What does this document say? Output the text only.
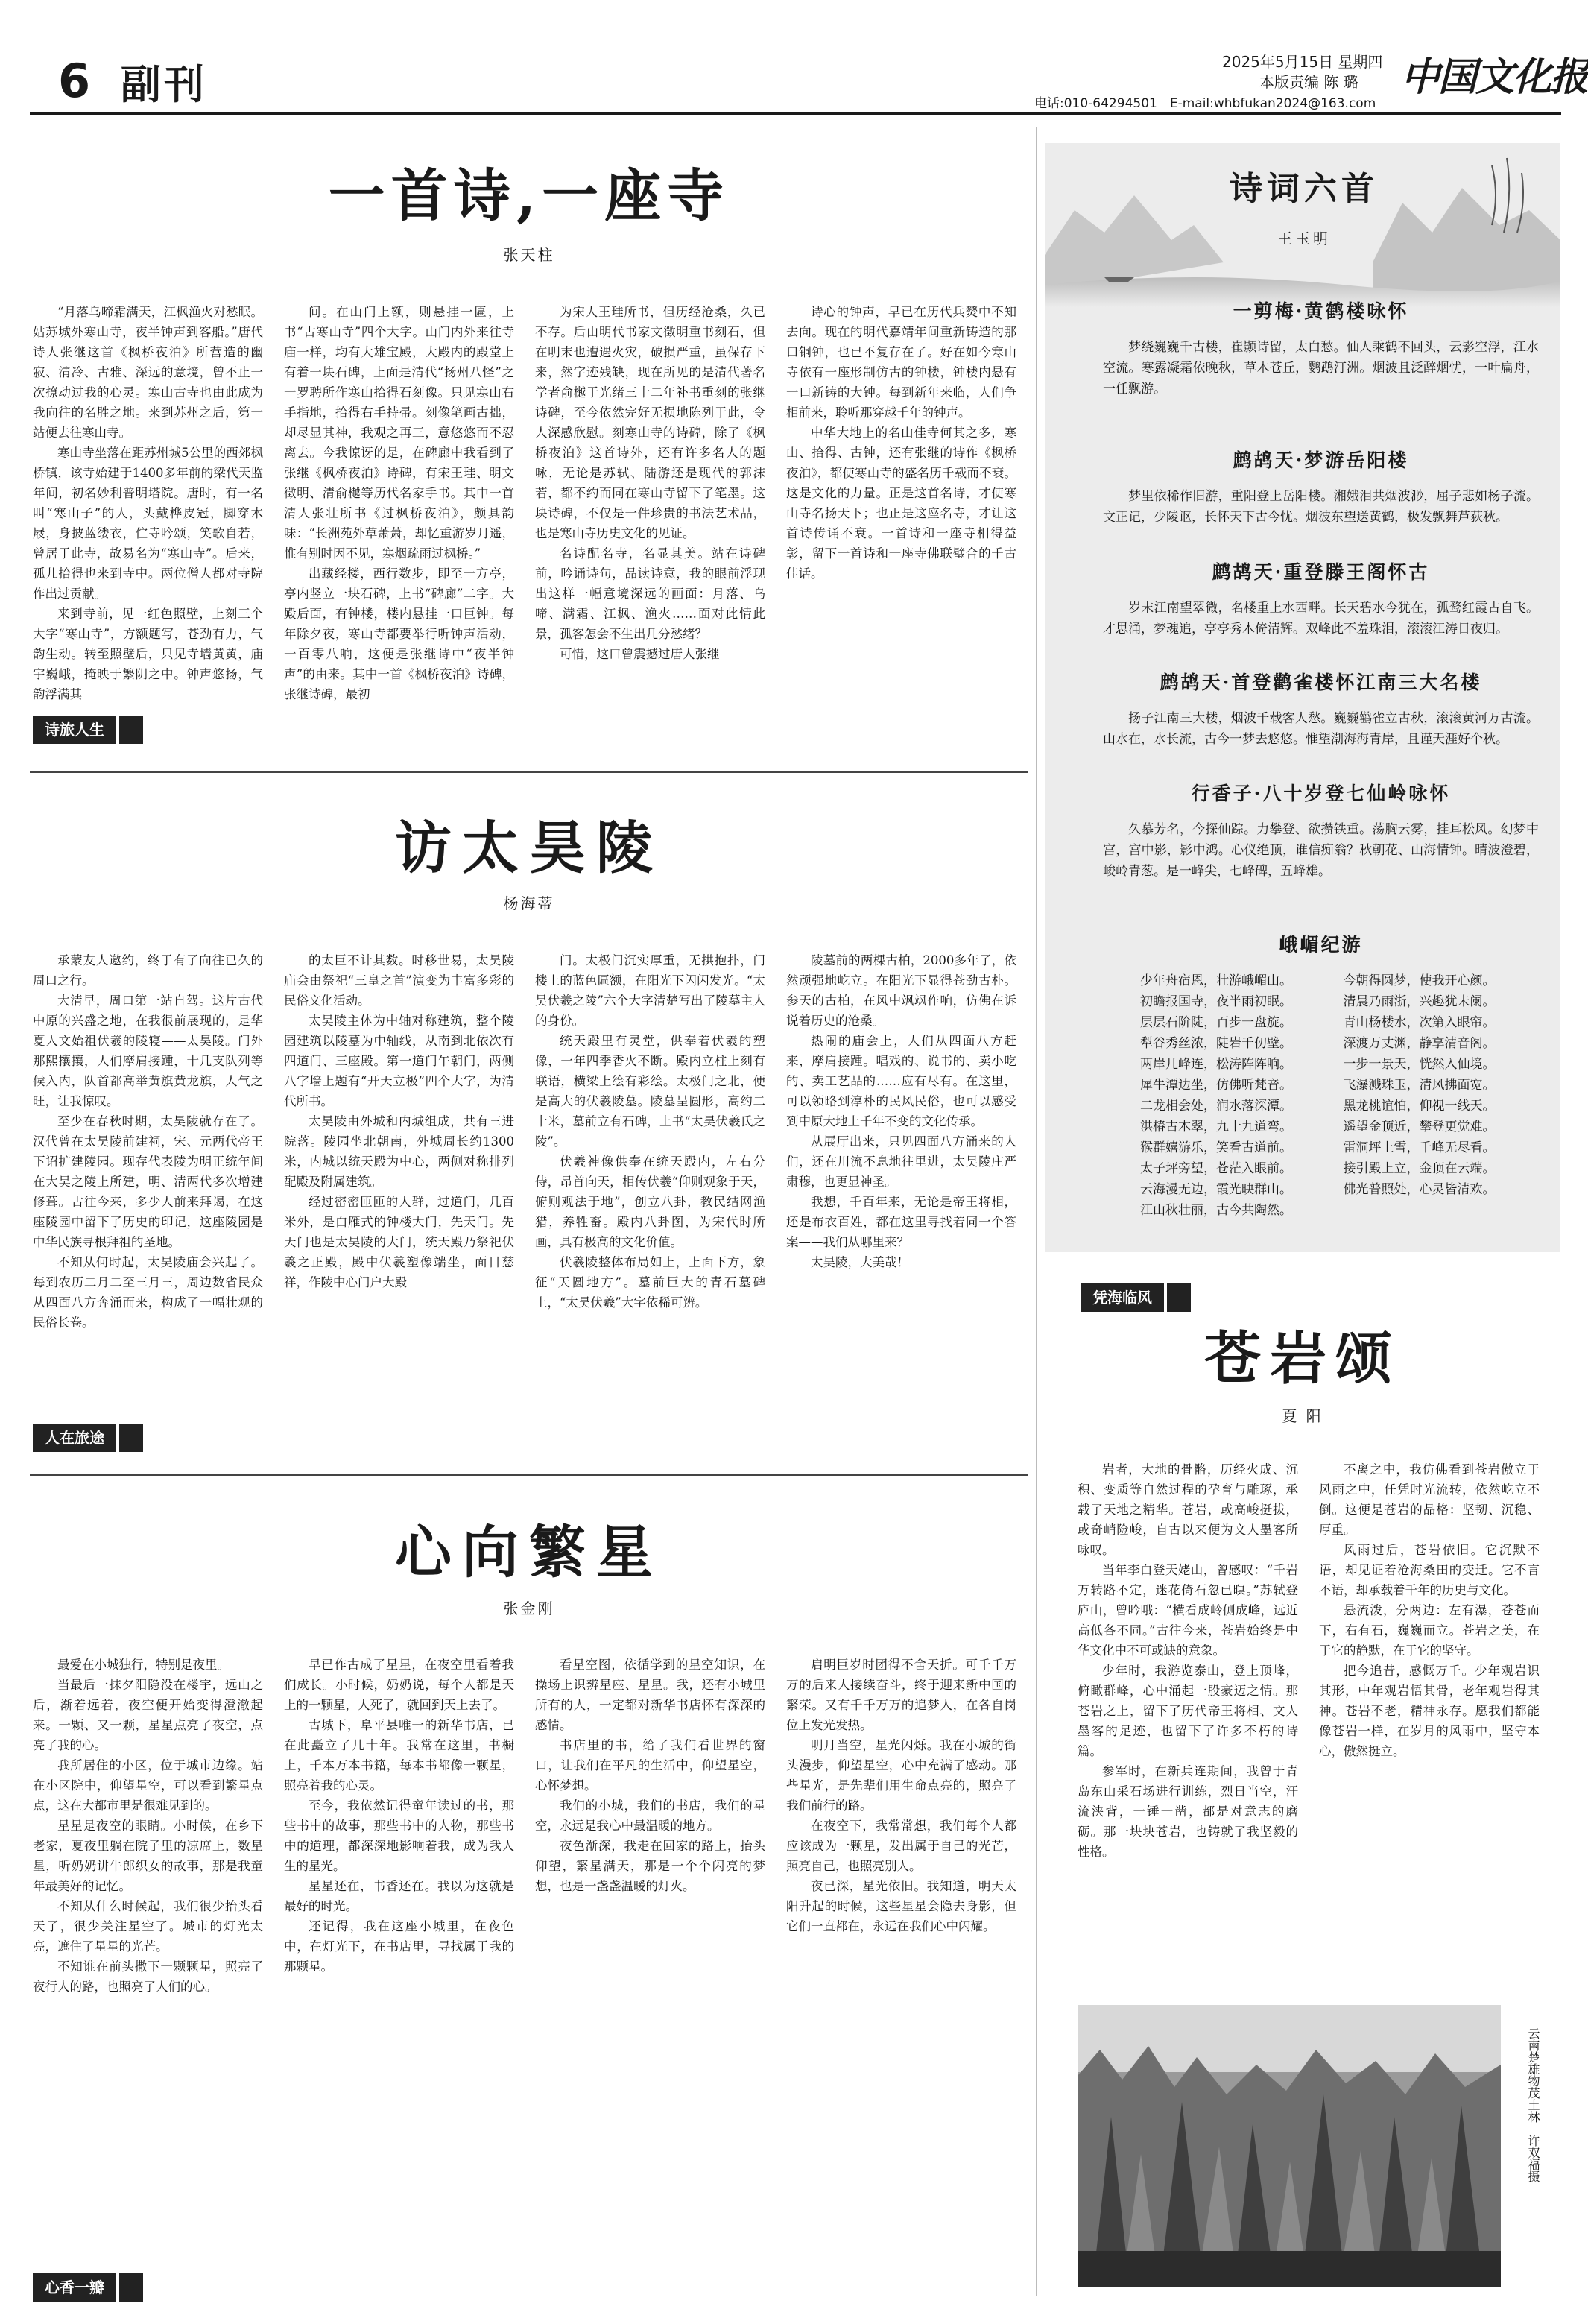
6 副刊	2025年5月15日 星期四
本版责编 陈 璐
电话:010-64294501　E-mail:whbfukan2024@163.com
中国文化报
一首诗,一座寺
张天柱

“月落乌啼霜满天，江枫渔火对愁眠。姑苏城外寒山寺，夜半钟声到客船。”唐代诗人张继这首《枫桥夜泊》所营造的幽寂、清冷、古雅、深远的意境，曾不止一次撩动过我的心灵。寒山古寺也由此成为我向往的名胜之地。来到苏州之后，第一站便去往寒山寺。

寒山寺坐落在距苏州城5公里的西郊枫桥镇，该寺始建于1400多年前的梁代天监年间，初名妙利普明塔院。唐时，有一名叫“寒山子”的人，头戴桦皮冠，脚穿木屐，身披蓝缕衣，伫寺吟颂，笑歌自若，曾居于此寺，故易名为“寒山寺”。后来，孤儿拾得也来到寺中。两位僧人都对寺院作出过贡献。

来到寺前，见一红色照壁，上刻三个大字“寒山寺”，方额题写，苍劲有力，气韵生动。转至照壁后，只见寺墙黄黄，庙宇巍峨，掩映于繁阴之中。钟声悠扬，气韵浮满其

间。在山门上额，则悬挂一匾，上书“古寒山寺”四个大字。山门内外来往寺庙一样，均有大雄宝殿，大殿内的殿堂上有着一块石碑，上面是清代“扬州八怪”之一罗聘所作寒山拾得石刻像。只见寒山右手指地，拾得右手持帚。刻像笔画古拙，却尽显其神，我观之再三，意悠悠而不忍离去。今我惊讶的是，在碑廊中我看到了张继《枫桥夜泊》诗碑，有宋王珪、明文徵明、清俞樾等历代名家手书。其中一首清人张壮所书《过枫桥夜泊》，颇具韵味：“长洲苑外草萧萧，却忆重游岁月遥，惟有别时因不见，寒烟疏雨过枫桥。”

出藏经楼，西行数步，即至一方亭，亭内竖立一块石碑，上书“碑廊”二字。大殿后面，有钟楼，楼内悬挂一口巨钟。每年除夕夜，寒山寺都要举行听钟声活动，一百零八响，这便是张继诗中“夜半钟声”的由来。其中一首《枫桥夜泊》诗碑，张继诗碑，最初

为宋人王珪所书，但历经沧桑，久已不存。后由明代书家文徵明重书刻石，但在明末也遭遇火灾，破损严重，虽保存下来，然字迹残缺，现在所见的是清代著名学者俞樾于光绪三十二年补书重刻的张继诗碑，至今依然完好无损地陈列于此，令人深感欣慰。刻寒山寺的诗碑，除了《枫桥夜泊》这首诗外，还有许多名人的题咏，无论是苏轼、陆游还是现代的郭沫若，都不约而同在寒山寺留下了笔墨。这块诗碑，不仅是一件珍贵的书法艺术品，也是寒山寺历史文化的见证。

名诗配名寺，名显其美。站在诗碑前，吟诵诗句，品读诗意，我的眼前浮现出这样一幅意境深远的画面：月落、乌啼、满霜、江枫、渔火……面对此情此景，孤客怎会不生出几分愁绪？

可惜，这口曾震撼过唐人张继

诗心的钟声，早已在历代兵燹中不知去向。现在的明代嘉靖年间重新铸造的那口铜钟，也已不复存在了。好在如今寒山寺依有一座形制仿古的钟楼，钟楼内悬有一口新铸的大钟。每到新年来临，人们争相前来，聆听那穿越千年的钟声。

中华大地上的名山佳寺何其之多，寒山、拾得、古钟，还有张继的诗作《枫桥夜泊》，都使寒山寺的盛名历千载而不衰。这是文化的力量。正是这首名诗，才使寒山寺名扬天下；也正是这座名寺，才让这首诗传诵不衰。一首诗和一座寺相得益彰，留下一首诗和一座寺佛联璧合的千古佳话。

诗旅人生
访太昊陵
杨海蒂

承蒙友人邀约，终于有了向往已久的周口之行。

大清早，周口第一站自驾。这片古代中原的兴盛之地，在我很前展现的，是华夏人文始祖伏羲的陵寝——太昊陵。门外那熙攘攘，人们摩肩接踵，十几支队列等候入内，队首都高举黄旗黄龙旗，人气之旺，让我惊叹。

至少在春秋时期，太昊陵就存在了。汉代曾在太昊陵前建祠，宋、元两代帝王下诏扩建陵园。现存代表陵为明正统年间在大昊之陵上所建，明、清两代多次增建修葺。古往今来，多少人前来拜谒，在这座陵园中留下了历史的印记，这座陵园是中华民族寻根拜祖的圣地。

不知从何时起，太昊陵庙会兴起了。每到农历二月二至三月三，周边数省民众从四面八方奔涌而来，构成了一幅壮观的民俗长卷。

的太巨不计其数。时移世易，太昊陵庙会由祭祀“三皇之首”演变为丰富多彩的民俗文化活动。

太昊陵主体为中轴对称建筑，整个陵园建筑以陵墓为中轴线，从南到北依次有四道门、三座殿。第一道门午朝门，两侧八字墙上题有“开天立极”四个大字，为清代所书。

太昊陵由外城和内城组成，共有三进院落。陵园坐北朝南，外城周长约1300米，内城以统天殿为中心，两侧对称排列配殿及附属建筑。

经过密密匝匝的人群，过道门，几百米外，是白雁式的钟楼大门，先天门。先天门也是太昊陵的大门，统天殿乃祭祀伏羲之正殿，殿中伏羲塑像端坐，面目慈祥，作陵中心门户大殿

门。太极门沉实厚重，无拱抱扑，门楼上的蓝色匾额，在阳光下闪闪发光。“太昊伏羲之陵”六个大字清楚写出了陵墓主人的身份。

统天殿里有灵堂，供奉着伏羲的塑像，一年四季香火不断。殿内立柱上刻有联语，横梁上绘有彩绘。太极门之北，便是高大的伏羲陵墓。陵墓呈圆形，高约二十米，墓前立有石碑，上书“太昊伏羲氏之陵”。

伏羲神像供奉在统天殿内，左右分侍，昂首向天，相传伏羲“仰则观象于天，俯则观法于地”，创立八卦，教民结网渔猎，养牲畜。殿内八卦图，为宋代时所画，具有极高的文化价值。

伏羲陵整体布局如上，上面下方，象征“天圆地方”。墓前巨大的青石墓碑上，“太昊伏羲”大字依稀可辨。

陵墓前的两棵古柏，2000多年了，依然顽强地屹立。在阳光下显得苍劲古朴。参天的古柏，在风中飒飒作响，仿佛在诉说着历史的沧桑。

热闹的庙会上，人们从四面八方赶来，摩肩接踵。唱戏的、说书的、卖小吃的、卖工艺品的……应有尽有。在这里，可以领略到淳朴的民风民俗，也可以感受到中原大地上千年不变的文化传承。

从展厅出来，只见四面八方涌来的人们，还在川流不息地往里进，太昊陵庄严肃穆，也更显神圣。

我想，千百年来，无论是帝王将相，还是布衣百姓，都在这里寻找着同一个答案——我们从哪里来？

太昊陵，大美哉！

人在旅途
心向繁星
张金刚

最爱在小城独行，特别是夜里。

当最后一抹夕阳隐没在楼宇，远山之后，渐着远着，夜空便开始变得澄澈起来。一颗、又一颗，星星点亮了夜空，点亮了我的心。

我所居住的小区，位于城市边缘。站在小区院中，仰望星空，可以看到繁星点点，这在大都市里是很难见到的。

星星是夜空的眼睛。小时候，在乡下老家，夏夜里躺在院子里的凉席上，数星星，听奶奶讲牛郎织女的故事，那是我童年最美好的记忆。

不知从什么时候起，我们很少抬头看天了，很少关注星空了。城市的灯光太亮，遮住了星星的光芒。

不知谁在前头撒下一颗颗星，照亮了夜行人的路，也照亮了人们的心。

早已作古成了星星，在夜空里看着我们成长。小时候，奶奶说，每个人都是天上的一颗星，人死了，就回到天上去了。

古城下，阜平县唯一的新华书店，已在此矗立了几十年。我常在这里，书橱上，千本万本书籍，每本书都像一颗星，照亮着我的心灵。

至今，我依然记得童年读过的书，那些书中的故事，那些书中的人物，那些书中的道理，都深深地影响着我，成为我人生的星光。

星星还在，书香还在。我以为这就是最好的时光。

还记得，我在这座小城里，在夜色中，在灯光下，在书店里，寻找属于我的那颗星。

看星空图，依循学到的星空知识，在操场上识辨星座、星星。我，还有小城里所有的人，一定都对新华书店怀有深深的感情。

书店里的书，给了我们看世界的窗口，让我们在平凡的生活中，仰望星空，心怀梦想。

我们的小城，我们的书店，我们的星空，永远是我心中最温暖的地方。

夜色渐深，我走在回家的路上，抬头仰望，繁星满天，那是一个个闪亮的梦想，也是一盏盏温暖的灯火。

启明巨岁时团得不舍天折。可千千万万的后来人接续奋斗，终于迎来新中国的繁荣。又有千千万万的追梦人，在各自岗位上发光发热。

明月当空，星光闪烁。我在小城的街头漫步，仰望星空，心中充满了感动。那些星光，是先辈们用生命点亮的，照亮了我们前行的路。

在夜空下，我常常想，我们每个人都应该成为一颗星，发出属于自己的光芒，照亮自己，也照亮别人。

夜已深，星光依旧。我知道，明天太阳升起的时候，这些星星会隐去身影，但它们一直都在，永远在我们心中闪耀。

心香一瓣
诗词六首
王玉明
一剪梅·黄鹤楼咏怀
梦绕巍巍千古楼，崔颢诗留，太白愁。仙人乘鹤不回头，云影空浮，江水空流。寒露凝霜依晚秋，草木苍丘，鹦鹉汀洲。烟波且泛醉烟忧，一叶扁舟，一任飘游。
鹧鸪天·梦游岳阳楼
梦里依稀作旧游，重阳登上岳阳楼。湘娥泪共烟波渺，屈子悲如杨子流。文正记，少陵讴，长怀天下古今忧。烟波东望送黄鹤，极发飘舞芦荻秋。
鹧鸪天·重登滕王阁怀古
岁末江南望翠微，名楼重上水西畔。长天碧水今犹在，孤鹜红霞古自飞。才思涌，梦魂追，亭亭秀木倚清辉。双峰此不羞珠泪，滚滚江涛日夜归。
鹧鸪天·首登鹳雀楼怀江南三大名楼
扬子江南三大楼，烟波千载客人愁。巍巍鹳雀立古秋，滚滚黄河万古流。山水在，水长流，古今一梦去悠悠。惟望潮海海青岸，且谨天涯好个秋。
行香子·八十岁登七仙岭咏怀
久慕芳名，今探仙踪。力攀登、欲攒铁重。荡胸云雾，挂耳松风。幻梦中宫，宫中影，影中鸿。心仪绝顶，谁信痴翁？秋朝花、山海情钟。晴波澄碧，峻岭青葱。是一峰尖，七峰碑，五峰雄。
峨嵋纪游
少年舟宿恩，壮游峨嵋山。	今朝得圆梦，使我开心颜。
初瞻报国寺，夜半雨初眠。	清晨乃雨浙，兴趣犹未阑。
层层石阶陡，百步一盘旋。	青山杨楼水，次第入眼帘。
犁谷秀丝浓，陡岩千仞壁。	深渡万丈渊，静享清音阁。
两岸几峰连，松涛阵阵响。	一步一景天，恍然入仙境。
犀牛潭边坐，仿佛听梵音。	飞瀑溅珠玉，清风拂面宽。
二龙相会处，润水落深潭。	黑龙桃谊怕，仰视一线天。
洪椿古木翠，九十九道弯。	遥望金顶近，攀登更觉难。
猴群嬉游乐，笑看古道前。	雷洞坪上雪，千峰无尽看。
太子坪旁望，苍茫入眼前。	接引殿上立，金顶在云端。
云海漫无边，霞光映群山。	佛光普照处，心灵皆清欢。
江山秋壮丽，古今共陶然。
凭海临风
苍岩颂
夏 阳

岩者，大地的骨骼，历经火成、沉积、变质等自然过程的孕育与雕琢，承载了天地之精华。苍岩，或高峻挺拔，或奇峭险峻，自古以来便为文人墨客所咏叹。

当年李白登天姥山，曾感叹：“千岩万转路不定，迷花倚石忽已暝。”苏轼登庐山，曾吟哦：“横看成岭侧成峰，远近高低各不同。”古往今来，苍岩始终是中华文化中不可或缺的意象。

少年时，我游览泰山，登上顶峰，俯瞰群峰，心中涌起一股豪迈之情。那苍岩之上，留下了历代帝王将相、文人墨客的足迹，也留下了许多不朽的诗篇。

参军时，在新兵连期间，我曾于青岛东山采石场进行训练，烈日当空，汗流浃背，一锤一凿，都是对意志的磨砺。那一块块苍岩，也铸就了我坚毅的性格。

不离之中，我仿佛看到苍岩傲立于风雨之中，任凭时光流转，依然屹立不倒。这便是苍岩的品格：坚韧、沉稳、厚重。

风雨过后，苍岩依旧。它沉默不语，却见证着沧海桑田的变迁。它不言不语，却承载着千年的历史与文化。

悬流泼，分两边：左有瀑，苍苍而下，右有石，巍巍而立。苍岩之美，在于它的静默，在于它的坚守。

把今追昔，感慨万千。少年观岩识其形，中年观岩悟其骨，老年观岩得其神。苍岩不老，精神永存。愿我们都能像苍岩一样，在岁月的风雨中，坚守本心，傲然挺立。

云南楚雄物茂土林　许双福摄
